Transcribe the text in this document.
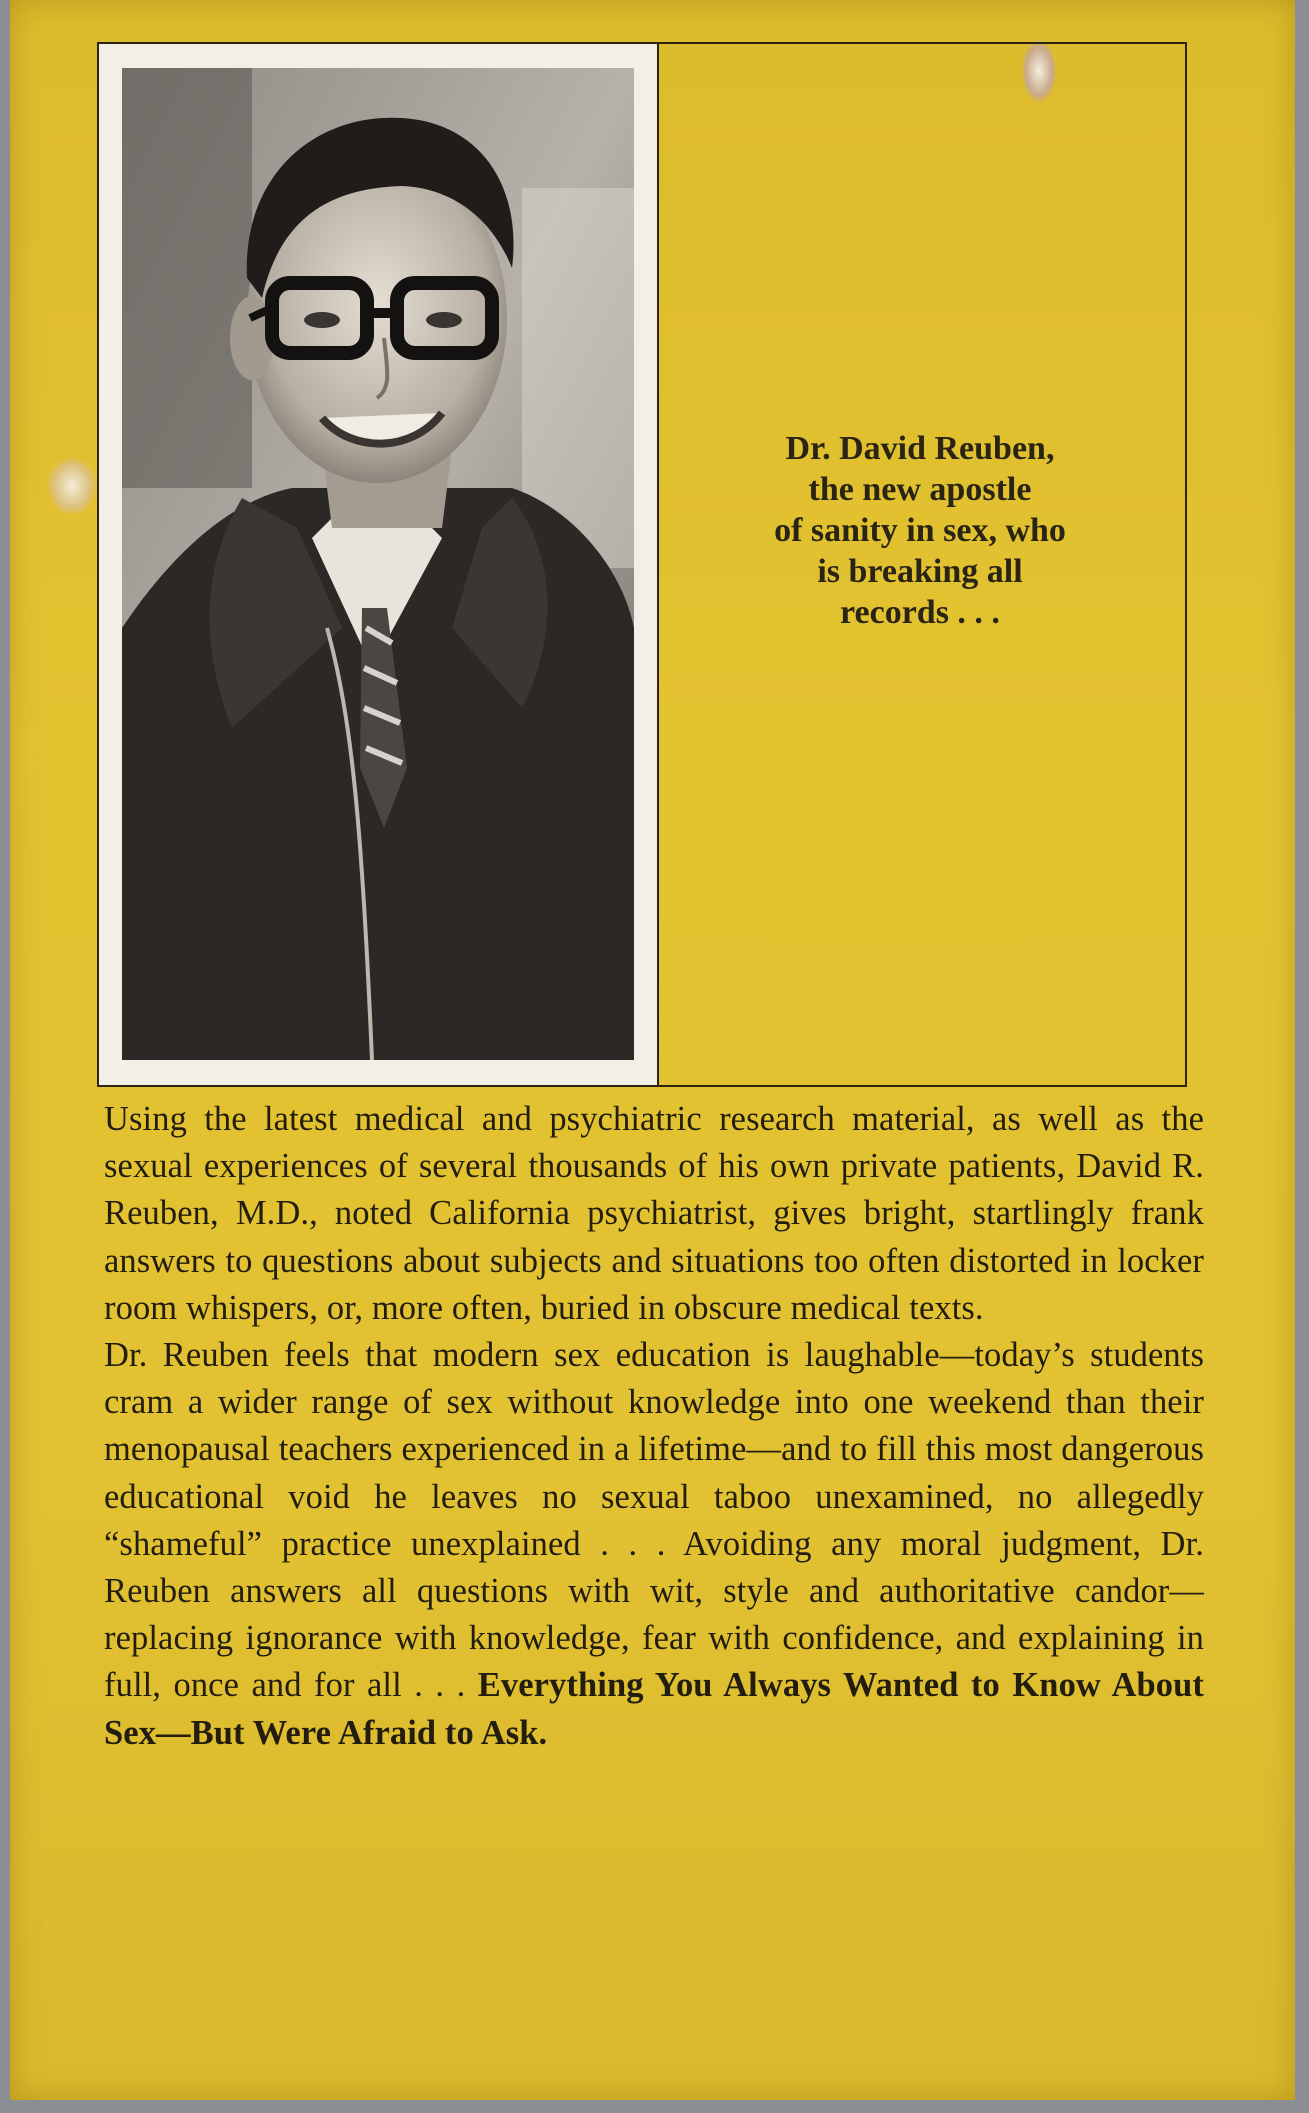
Dr. David Reuben,
the new apostle
of sanity in sex, who
is breaking all
records . . .

Using the latest medical and psychiatric research material, as well as the sexual experiences of several thousands of his own private patients, David R. Reuben, M.D., noted California psychiatrist, gives bright, startlingly frank answers to questions about subjects and situations too often distorted in locker room whispers, or, more often, buried in obscure medical texts.

Dr. Reuben feels that modern sex education is laughable—today’s students cram a wider range of sex without knowledge into one weekend than their menopausal teachers experienced in a lifetime—and to fill this most dangerous educational void he leaves no sexual taboo unexamined, no allegedly “shameful” practice unexplained . . . Avoiding any moral judgment, Dr. Reuben answers all questions with wit, style and authoritative candor—replacing ignorance with knowledge, fear with confidence, and explaining in full, once and for all . . . Everything You Always Wanted to Know About Sex—But Were Afraid to Ask.
